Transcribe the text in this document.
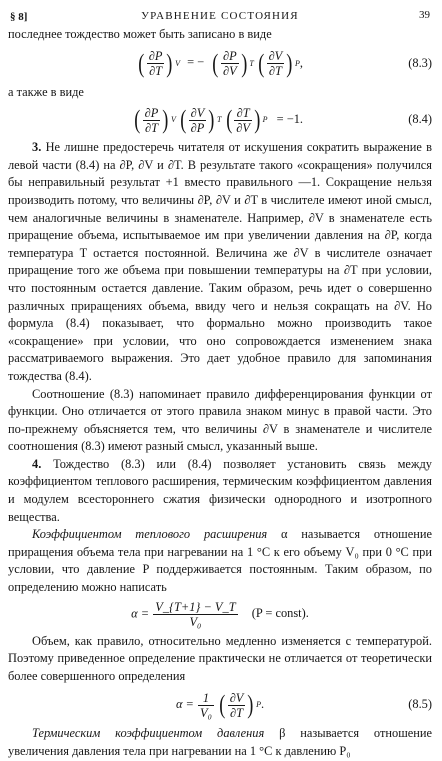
§ 8]	УРАВНЕНИЕ СОСТОЯНИЯ	39

последнее тождество может быть записано в виде

( $\frac{\partial P}{\partial T}$ ) V = − ( $\frac{\partial P}{\partial V}$ ) T
( $\frac{\partial V}{\partial T}$ ) P ,	(8.3)

а также в виде

( $\frac{\partial P}{\partial T}$ ) V
( $\frac{\partial V}{\partial P}$ ) T
( $\frac{\partial T}{\partial V}$ ) P = −1.	(8.4)

3. Не лишне предостеречь читателя от искушения сократить выражение в левой части (8.4) на ∂P, ∂V и ∂T. В результате такого «сокращения» получился бы неправильный результат +1 вместо правильного —1. Сокращение нельзя производить потому, что величины ∂P, ∂V и ∂T в числителе имеют иной смысл, чем аналогичные величины в знаменателе. Например, ∂V в знаменателе есть приращение объема, испытываемое им при увеличении давления на ∂P, когда температура T остается постоянной. Величина же ∂V в числителе означает приращение того же объема при повышении температуры на ∂T при условии, что постоянным остается давление. Таким образом, речь идет о совершенно различных приращениях объема, ввиду чего и нельзя сокращать на ∂V. Но формула (8.4) показывает, что формально можно производить такое «сокращение» при условии, что оно сопровождается изменением знака рассматриваемого выражения. Это дает удобное правило для запоминания тождества (8.4).

Соотношение (8.3) напоминает правило дифференцирования функции от функции. Оно отличается от этого правила знаком минус в правой части. Это по-прежнему объясняется тем, что величины ∂V в знаменателе и числителе соотношения (8.3) имеют разный смысл, указанный выше.

4. Тождество (8.3) или (8.4) позволяет установить связь между коэффициентом теплового расширения, термическим коэффициентом давления и модулем всестороннего сжатия физически однородного и изотропного вещества.

Коэффициентом теплового расширения α называется отношение приращения объема тела при нагревании на 1 °С к его объему V₀ при 0 °С при условии, что давление P поддерживается постоянным. Таким образом, по определению можно написать

$\alpha = \frac{V\_\{T+1\} - V\_T}{\text{V₀}} (P$ = const).

Объем, как правило, относительно медленно изменяется с температурой. Поэтому приведенное определение практически не отличается от теоретически более совершенного определения

$\alpha = \frac{1}{\text{V₀}}$
( $\frac{\partial V}{\partial T}$ ) P .	(8.5)

Термическим коэффициентом давления β называется отношение увеличения давления тела при нагревании на 1 °С к давлению P₀
